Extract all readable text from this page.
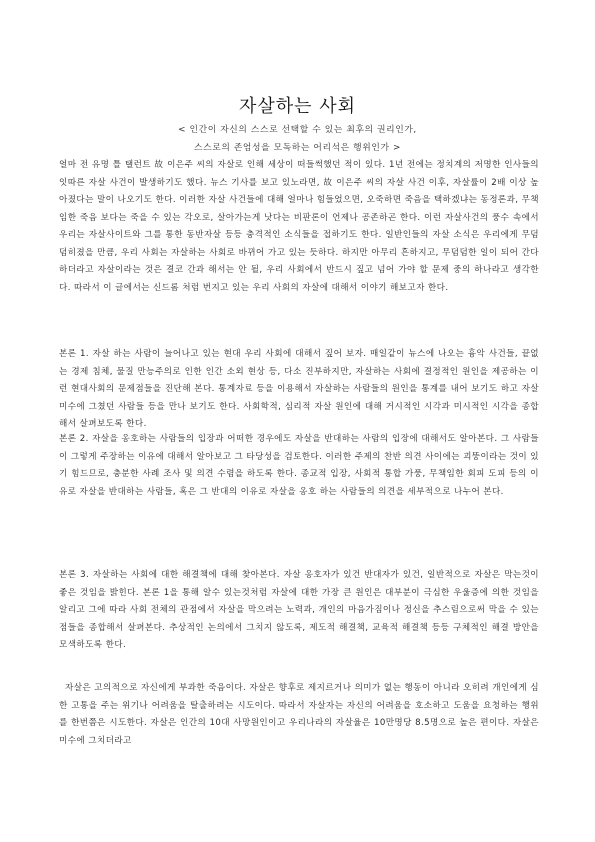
자살하는 사회
< 인간이 자신의 스스로 선택할 수 있는 최후의 권리인가,
스스로의 존엄성을 모독하는 어리석은 행위인가 >

얼마 전 유명 틀 탤런트 故 이은주 씨의 자살로 인해 세상이 떠들썩했던 적이 있다. 1년 전에는 정치계의 저명한 인사들의 잇따른 자살 사건이 발생하기도 했다. 뉴스 기사를 보고 있노라면, 故 이은주 씨의 자살 사건 이후, 자살률이 2배 이상 높아졌다는 말이 나오기도 한다. 이러한 자살 사건들에 대해 얼마나 힘들었으면, 오죽하면 죽음을 택하겠냐는 동정론과, 무책임한 죽음 보다는 죽을 수 있는 각오로, 살아가는게 낫다는 비판론이 언제나 공존하곤 한다. 이런 자살사건의 풍수 속에서 우리는 자살사이트와 그를 통한 동반자살 등등 충격적인 소식들을 접하기도 한다. 일반인들의 자살 소식은 우리에게 무덤덤히졌을 만큼, 우리 사회는 자살하는 사회로 바뀌어 가고 있는 듯하다. 하지만 아무리 흔하지고, 무덤덤한 일이 되어 간다 하더라고 자살이라는 것은 결코 간과 해서는 안 될, 우리 사회에서 반드시 짚고 넘어 가야 할 문제 중의 하나라고 생각한다. 따라서 이 글에서는 신드롬 처럼 번지고 있는 우리 사회의 자살에 대해서 이야기 해보고자 한다.

본론 1. 자살 하는 사람이 늘어나고 있는 현대 우리 사회에 대해서 짚어 보자. 매일같이 뉴스에 나오는 흉악 사건들, 끝없는 경제 침체, 물질 만능주의로 인한 인간 소외 현상 등, 다소 진부하지만, 자살하는 사회에 결정적인 원인을 제공하는 이런 현대사회의 문제점들을 진단해 본다. 통계자료 등을 이용해서 자살하는 사람들의 원인을 통계를 내어 보기도 하고 자살 미수에 그쳤던 사람들 등을 만나 보기도 한다. 사회학적, 심리적 자살 원인에 대해 거시적인 시각과 미시적인 시각을 종합해서 살펴보도록 한다.

본론 2. 자살을 옹호하는 사람들의 입장과 어떠한 경우에도 자살을 반대하는 사람의 입장에 대해서도 알아본다. 그 사람들이 그렇게 주장하는 이유에 대해서 알아보고 그 타당성을 검토한다. 이러한 주제의 찬반 의견 사이에는 괴뚱이라는 것이 있기 힘드므로, 충분한 사례 조사 및 의견 수렴을 하도록 한다. 종교적 입장, 사회적 통합 가풍, 무책임한 회피 도피 등의 이유로 자살을 반대하는 사람들, 혹은 그 반대의 이유로 자살을 옹호 하는 사람들의 의견을 세부적으로 나누어 본다.

본론 3. 자살하는 사회에 대한 해결책에 대해 찾아본다. 자살 옹호자가 있건 반대자가 있건, 일반적으로 자살은 막는것이 좋은 것임을 밝힌다. 본론 1을 통해 알수 있는것처럼 자살에 대한 가장 큰 원인은 대부분이 극심한 우울증에 의한 것임을 알리고 그에 따라 사회 전체의 관점에서 자살을 막으려는 노력과, 개인의 마음가짐이나 정신을 추스림으로써 막을 수 있는 점들을 종합해서 살펴본다. 추상적인 논의에서 그치지 않도록, 제도적 해결책, 교육적 해결책 등등 구체적인 해결 방안을 모색하도록 한다.

자살은 고의적으로 자신에게 부과한 죽음이다. 자살은 향후로 제지르거나 의미가 없는 행동이 아니라 오히려 개인에게 심한 고통을 주는 위기나 어려움을 탈출하려는 시도이다. 따라서 자살자는 자신의 어려움을 호소하고 도움을 요청하는 행위를 한번쯤은 시도한다. 자살은 인간의 10대 사망원인이고 우리나라의 자살율은 10만명당 8.5명으로 높은 편이다. 자살은 미수에 그치더라고
